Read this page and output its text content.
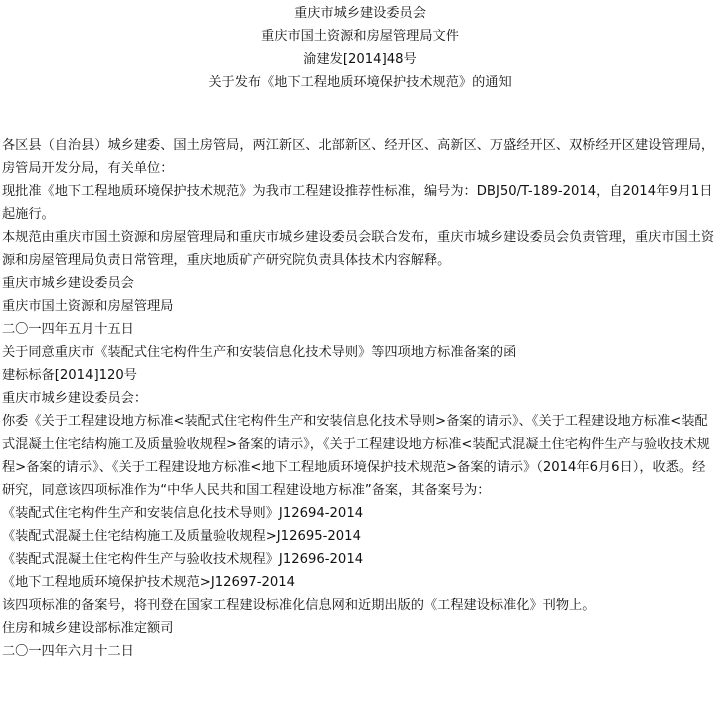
重庆市城乡建设委员会

重庆市国土资源和房屋管理局文件

渝建发[2014]48号

关于发布《地下工程地质环境保护技术规范》的通知

各区县（自治县）城乡建委、国土房管局，两江新区、北部新区、经开区、高新区、万盛经开区、双桥经开区建设管理局，房管局开发分局，有关单位：

现批准《地下工程地质环境保护技术规范》为我市工程建设推荐性标准，编号为：DBJ50/T-189-2014，自2014年9月1日起施行。

本规范由重庆市国土资源和房屋管理局和重庆市城乡建设委员会联合发布，重庆市城乡建设委员会负责管理，重庆市国土资源和房屋管理局负责日常管理，重庆地质矿产研究院负责具体技术内容解释。

重庆市城乡建设委员会

重庆市国土资源和房屋管理局

二〇一四年五月十五日

关于同意重庆市《装配式住宅构件生产和安装信息化技术导则》等四项地方标准备案的函

建标标备[2014]120号

重庆市城乡建设委员会：

你委《关于工程建设地方标准<装配式住宅构件生产和安装信息化技术导则>备案的请示》、《关于工程建设地方标准<装配式混凝土住宅结构施工及质量验收规程>备案的请示》，《关于工程建设地方标准<装配式混凝土住宅构件生产与验收技术规程>备案的请示》、《关于工程建设地方标准<地下工程地质环境保护技术规范>备案的请示》（2014年6月6日），收悉。经研究，同意该四项标准作为“中华人民共和国工程建设地方标准”备案，其备案号为：

《装配式住宅构件生产和安装信息化技术导则》J12694-2014

《装配式混凝土住宅结构施工及质量验收规程>J12695-2014

《装配式混凝土住宅构件生产与验收技术规程》J12696-2014

《地下工程地质环境保护技术规范>J12697-2014

该四项标准的备案号，将刊登在国家工程建设标准化信息网和近期出版的《工程建设标准化》刊物上。

住房和城乡建设部标准定额司

二〇一四年六月十二日
